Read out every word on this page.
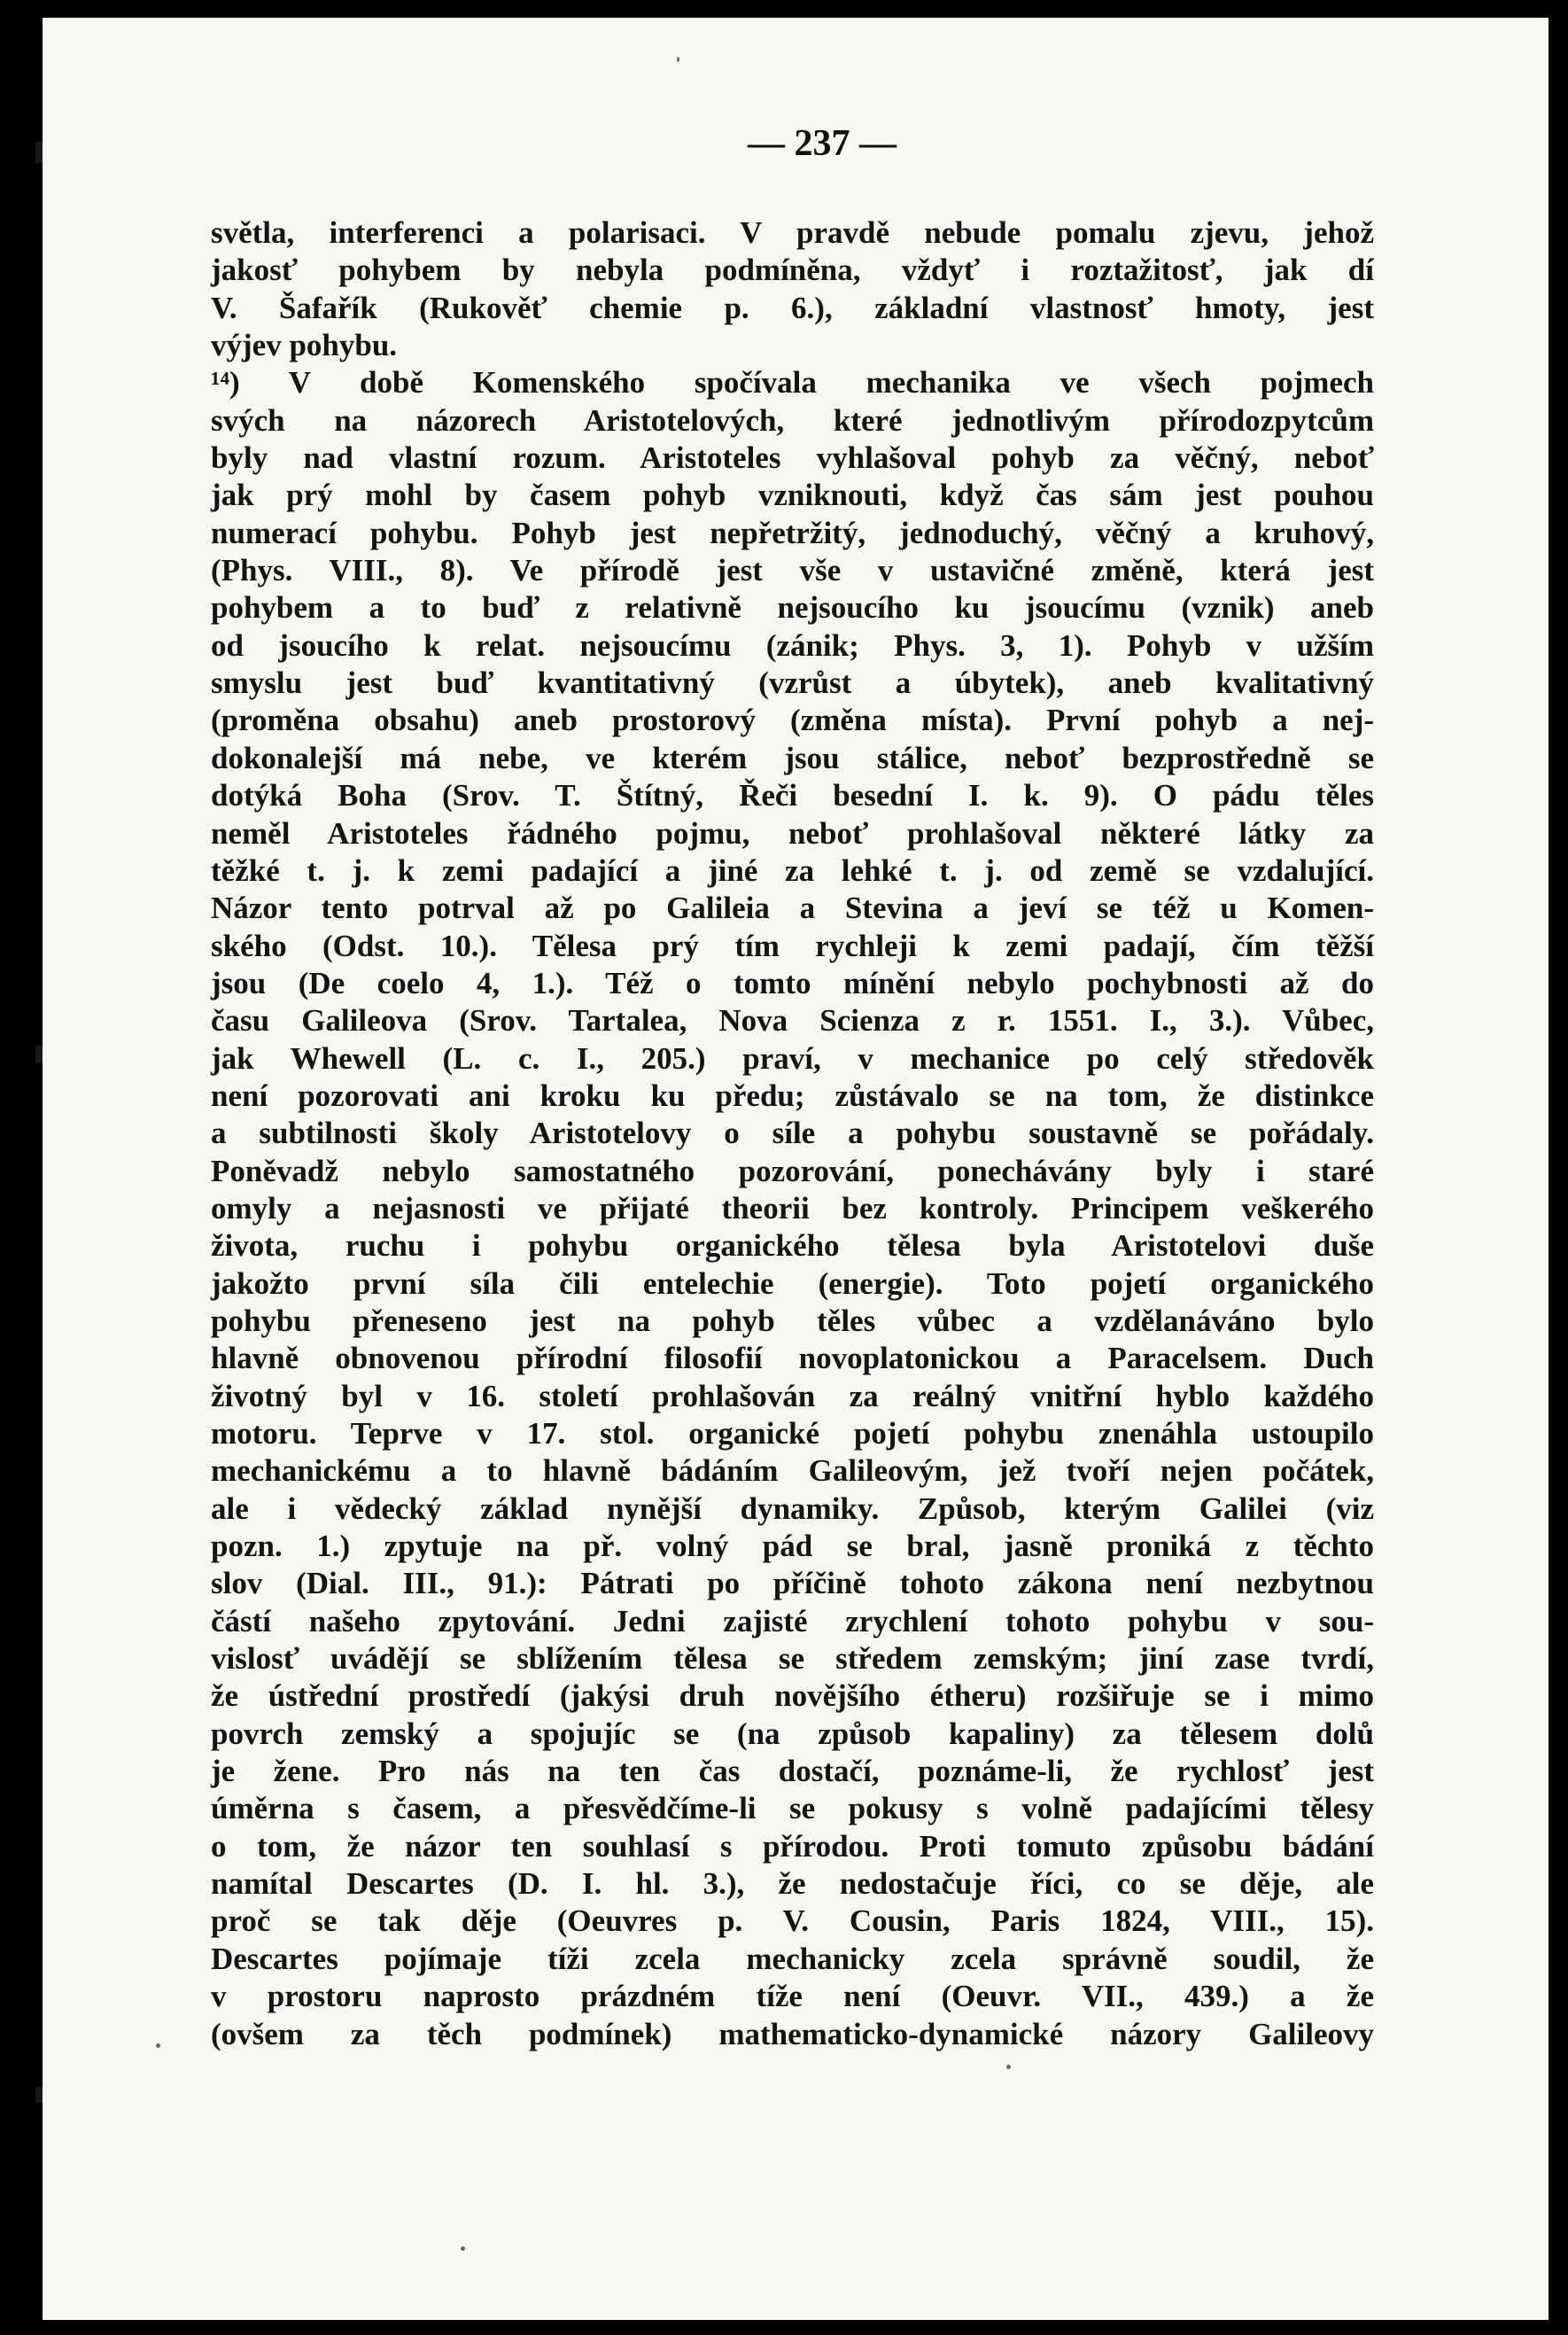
— 237 —
světla, interferenci a polarisaci. V pravdě nebude pomalu zjevu, jehož
jakosť pohybem by nebyla podmíněna, vždyť i roztažitosť, jak dí
V. Šafařík (Rukověť chemie p. 6.), základní vlastnosť hmoty, jest
výjev pohybu.
¹⁴) V době Komenského spočívala mechanika ve všech pojmech
svých na názorech Aristotelových, které jednotlivým přírodozpytcům
byly nad vlastní rozum. Aristoteles vyhlašoval pohyb za věčný, neboť
jak prý mohl by časem pohyb vzniknouti, když čas sám jest pouhou
numerací pohybu. Pohyb jest nepřetržitý, jednoduchý, věčný a kruhový,
(Phys. VIII., 8). Ve přírodě jest vše v ustavičné změně, která jest
pohybem a to buď z relativně nejsoucího ku jsoucímu (vznik) aneb
od jsoucího k relat. nejsoucímu (zánik; Phys. 3, 1). Pohyb v užším
smyslu jest buď kvantitativný (vzrůst a úbytek), aneb kvalitativný
(proměna obsahu) aneb prostorový (změna místa). První pohyb a nej-
dokonalejší má nebe, ve kterém jsou stálice, neboť bezprostředně se
dotýká Boha (Srov. T. Štítný, Řeči besední I. k. 9). O pádu těles
neměl Aristoteles řádného pojmu, neboť prohlašoval některé látky za
těžké t. j. k zemi padající a jiné za lehké t. j. od země se vzdalující.
Názor tento potrval až po Galileia a Stevina a jeví se též u Komen-
ského (Odst. 10.). Tělesa prý tím rychleji k zemi padají, čím těžší
jsou (De coelo 4, 1.). Též o tomto mínění nebylo pochybnosti až do
času Galileova (Srov. Tartalea, Nova Scienza z r. 1551. I., 3.). Vůbec,
jak Whewell (L. c. I., 205.) praví, v mechanice po celý středověk
není pozorovati ani kroku ku předu; zůstávalo se na tom, že distinkce
a subtilnosti školy Aristotelovy o síle a pohybu soustavně se pořádaly.
Poněvadž nebylo samostatného pozorování, ponechávány byly i staré
omyly a nejasnosti ve přijaté theorii bez kontroly. Principem veškerého
života, ruchu i pohybu organického tělesa byla Aristotelovi duše
jakožto první síla čili entelechie (energie). Toto pojetí organického
pohybu přeneseno jest na pohyb těles vůbec a vzdělanáváno bylo
hlavně obnovenou přírodní filosofií novoplatonickou a Paracelsem. Duch
životný byl v 16. století prohlašován za reálný vnitřní hyblo každého
motoru. Teprve v 17. stol. organické pojetí pohybu znenáhla ustoupilo
mechanickému a to hlavně bádáním Galileovým, jež tvoří nejen počátek,
ale i vědecký základ nynější dynamiky. Způsob, kterým Galilei (viz
pozn. 1.) zpytuje na př. volný pád se bral, jasně proniká z těchto
slov (Dial. III., 91.): Pátrati po příčině tohoto zákona není nezbytnou
částí našeho zpytování. Jedni zajisté zrychlení tohoto pohybu v sou-
vislosť uvádějí se sblížením tělesa se středem zemským; jiní zase tvrdí,
že ústřední prostředí (jakýsi druh novějšího étheru) rozšiřuje se i mimo
povrch zemský a spojujíc se (na způsob kapaliny) za tělesem dolů
je žene. Pro nás na ten čas dostačí, poznáme-li, že rychlosť jest
úměrna s časem, a přesvědčíme-li se pokusy s volně padajícími tělesy
o tom, že názor ten souhlasí s přírodou. Proti tomuto způsobu bádání
namítal Descartes (D. I. hl. 3.), že nedostačuje říci, co se děje, ale
proč se tak děje (Oeuvres p. V. Cousin, Paris 1824, VIII., 15).
Descartes pojímaje tíži zcela mechanicky zcela správně soudil, že
v prostoru naprosto prázdném tíže není (Oeuvr. VII., 439.) a že
(ovšem za těch podmínek) mathematicko-dynamické názory Galileovy
